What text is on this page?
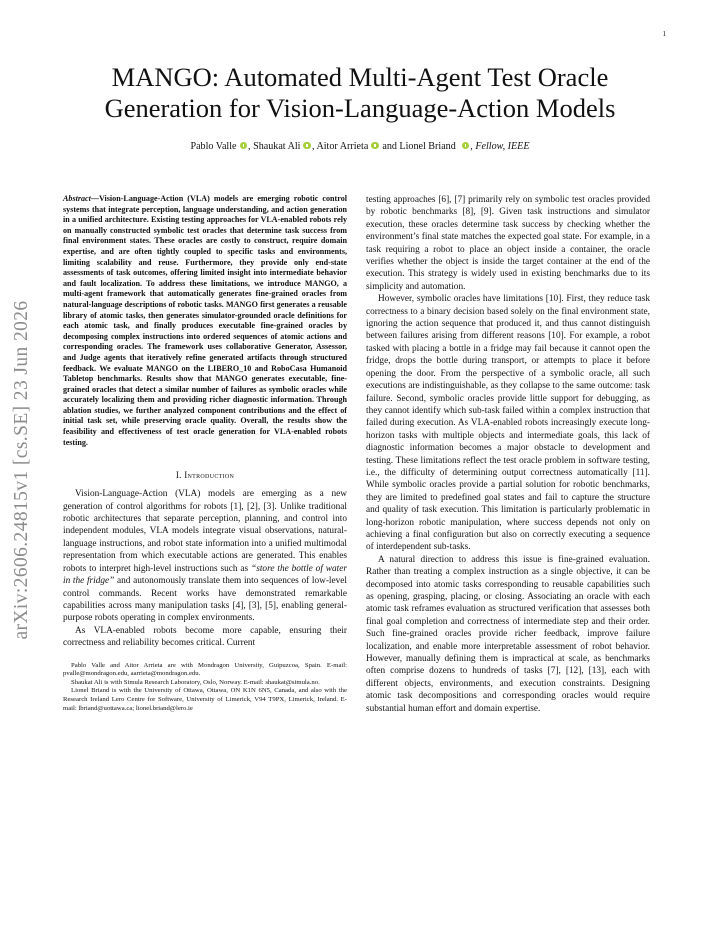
1
arXiv:2606.24815v1 [cs.SE] 23 Jun 2026
MANGO: Automated Multi-Agent Test Oracle
Generation for Vision-Language-Action Models
Pablo Valle , Shaukat Ali , Aitor Arrieta and Lionel Briand , Fellow, IEEE
Abstract—Vision-Language-Action (VLA) models are emerging robotic control systems that integrate perception, language understanding, and action generation in a unified architecture. Existing testing approaches for VLA-enabled robots rely on manually constructed symbolic test oracles that determine task success from final environment states. These oracles are costly to construct, require domain expertise, and are often tightly coupled to specific tasks and environments, limiting scalability and reuse. Furthermore, they provide only end-state assessments of task outcomes, offering limited insight into intermediate behavior and fault localization. To address these limitations, we introduce MANGO, a multi-agent framework that automatically generates fine-grained oracles from natural-language descriptions of robotic tasks. MANGO first generates a reusable library of atomic tasks, then generates simulator-grounded oracle definitions for each atomic task, and finally produces executable fine-grained oracles by decomposing complex instructions into ordered sequences of atomic actions and corresponding oracles. The framework uses collaborative Generator, Assessor, and Judge agents that iteratively refine generated artifacts through structured feedback. We evaluate MANGO on the LIBERO_10 and RoboCasa Humanoid Tabletop benchmarks. Results show that MANGO generates executable, fine-grained oracles that detect a similar number of failures as symbolic oracles while accurately localizing them and providing richer diagnostic information. Through ablation studies, we further analyzed component contributions and the effect of initial task set, while preserving oracle quality. Overall, the results show the feasibility and effectiveness of test oracle generation for VLA-enabled robots testing.
I. Introduction

Vision-Language-Action (VLA) models are emerging as a new generation of control algorithms for robots [1], [2], [3]. Unlike traditional robotic architectures that separate perception, planning, and control into independent modules, VLA models integrate visual observations, natural-language instructions, and robot state information into a unified multimodal representation from which executable actions are generated. This enables robots to interpret high-level instructions such as “store the bottle of water in the fridge” and autonomously translate them into sequences of low-level control commands. Recent works have demonstrated remarkable capabilities across many manipulation tasks [4], [3], [5], enabling general-purpose robots operating in complex environments.

As VLA-enabled robots become more capable, ensuring their correctness and reliability becomes critical. Current

Pablo Valle and Aitor Arrieta are with Mondragon University, Guipuzcoa, Spain. E-mail: pvalle@mondragon.edu, aarrieta@mondragon.edu.

Shaukat Ali is with Simula Research Laboratory, Oslo, Norway. E-mail: shaukat@simula.no.

Lionel Briand is with the University of Ottawa, Ottawa, ON K1N 6N5, Canada, and also with the Research Ireland Lero Centre for Software, University of Limerick, V94 T9PX, Limerick, Ireland. E-mail: lbriand@uottawa.ca; lionel.briand@lero.ie

testing approaches [6], [7] primarily rely on symbolic test oracles provided by robotic benchmarks [8], [9]. Given task instructions and simulator execution, these oracles determine task success by checking whether the environment’s final state matches the expected goal state. For example, in a task requiring a robot to place an object inside a container, the oracle verifies whether the object is inside the target container at the end of the execution. This strategy is widely used in existing benchmarks due to its simplicity and automation.

However, symbolic oracles have limitations [10]. First, they reduce task correctness to a binary decision based solely on the final environment state, ignoring the action sequence that produced it, and thus cannot distinguish between failures arising from different reasons [10]. For example, a robot tasked with placing a bottle in a fridge may fail because it cannot open the fridge, drops the bottle during transport, or attempts to place it before opening the door. From the perspective of a symbolic oracle, all such executions are indistinguishable, as they collapse to the same outcome: task failure. Second, symbolic oracles provide little support for debugging, as they cannot identify which sub-task failed within a complex instruction that failed during execution. As VLA-enabled robots increasingly execute long-horizon tasks with multiple objects and intermediate goals, this lack of diagnostic information becomes a major obstacle to development and testing. These limitations reflect the test oracle problem in software testing, i.e., the difficulty of determining output correctness automatically [11]. While symbolic oracles provide a partial solution for robotic benchmarks, they are limited to predefined goal states and fail to capture the structure and quality of task execution. This limitation is particularly problematic in long-horizon robotic manipulation, where success depends not only on achieving a final configuration but also on correctly executing a sequence of interdependent sub-tasks.

A natural direction to address this issue is fine-grained evaluation. Rather than treating a complex instruction as a single objective, it can be decomposed into atomic tasks corresponding to reusable capabilities such as opening, grasping, placing, or closing. Associating an oracle with each atomic task reframes evaluation as structured verification that assesses both final goal completion and correctness of intermediate step and their order. Such fine-grained oracles provide richer feedback, improve failure localization, and enable more interpretable assessment of robot behavior. However, manually defining them is impractical at scale, as benchmarks often comprise dozens to hundreds of tasks [7], [12], [13], each with different objects, environments, and execution constraints. Designing atomic task decompositions and corresponding oracles would require substantial human effort and domain expertise.
